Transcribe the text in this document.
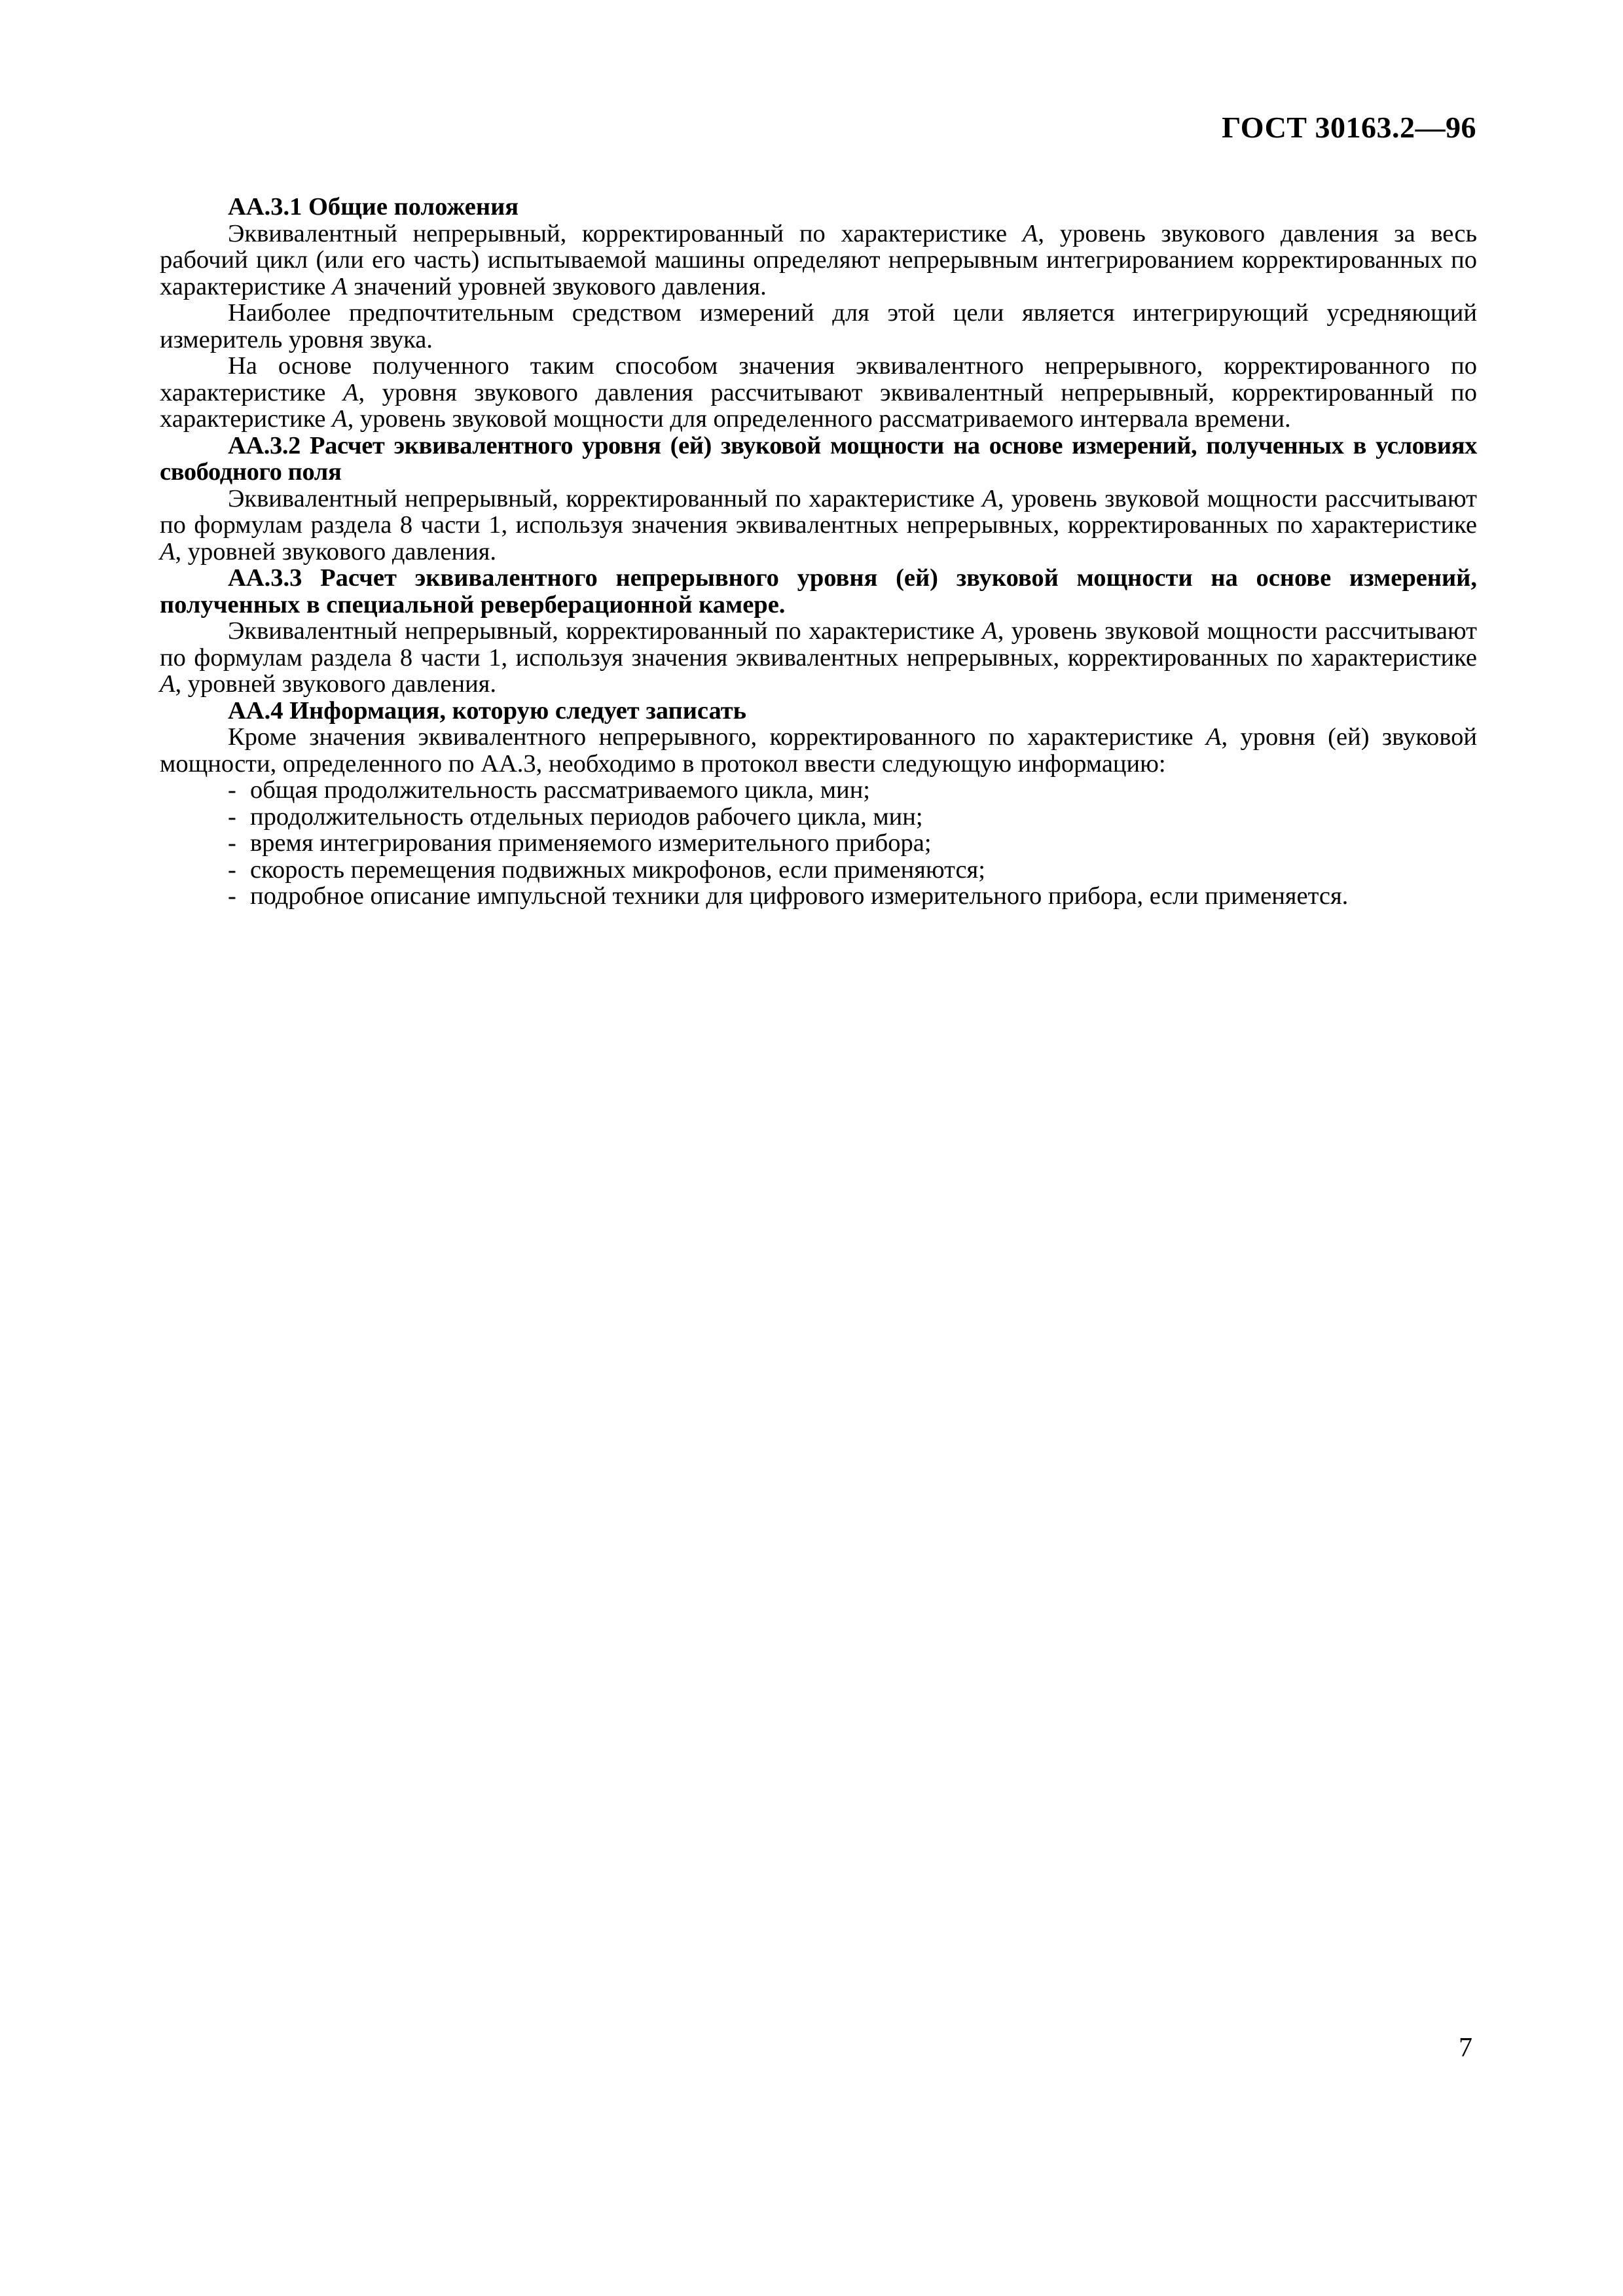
ГОСТ 30163.2—96

АА.3.1 Общие положения

Эквивалентный непрерывный, корректированный по характеристике A, уровень звукового давления за весь рабочий цикл (или его часть) испытываемой машины определяют непрерывным интегрированием корректированных по характеристике A значений уровней звукового давления.

Наиболее предпочтительным средством измерений для этой цели является интегрирующий усредняющий измеритель уровня звука.

На основе полученного таким способом значения эквивалентного непрерывного, корректированного по характеристике A, уровня звукового давления рассчитывают эквивалентный непрерывный, корректированный по характеристике A, уровень звуковой мощности для определенного рассматриваемого интервала времени.

АА.3.2 Расчет эквивалентного уровня (ей) звуковой мощности на основе измерений, полученных в условиях свободного поля

Эквивалентный непрерывный, корректированный по характеристике A, уровень звуковой мощности рассчитывают по формулам раздела 8 части 1, используя значения эквивалентных непрерывных, корректированных по характеристике A, уровней звукового давления.

АА.3.3 Расчет эквивалентного непрерывного уровня (ей) звуковой мощности на основе измерений, полученных в специальной реверберационной камере.

Эквивалентный непрерывный, корректированный по характеристике A, уровень звуковой мощности рассчитывают по формулам раздела 8 части 1, используя значения эквивалентных непрерывных, корректированных по характеристике A, уровней звукового давления.

АА.4 Информация, которую следует записать

Кроме значения эквивалентного непрерывного, корректированного по характеристике A, уровня (ей) звуковой мощности, определенного по АА.3, необходимо в протокол ввести следующую информацию:

- общая продолжительность рассматриваемого цикла, мин;
- продолжительность отдельных периодов рабочего цикла, мин;
- время интегрирования применяемого измерительного прибора;
- скорость перемещения подвижных микрофонов, если применяются;
- подробное описание импульсной техники для цифрового измерительного прибора, если применяется.
7
